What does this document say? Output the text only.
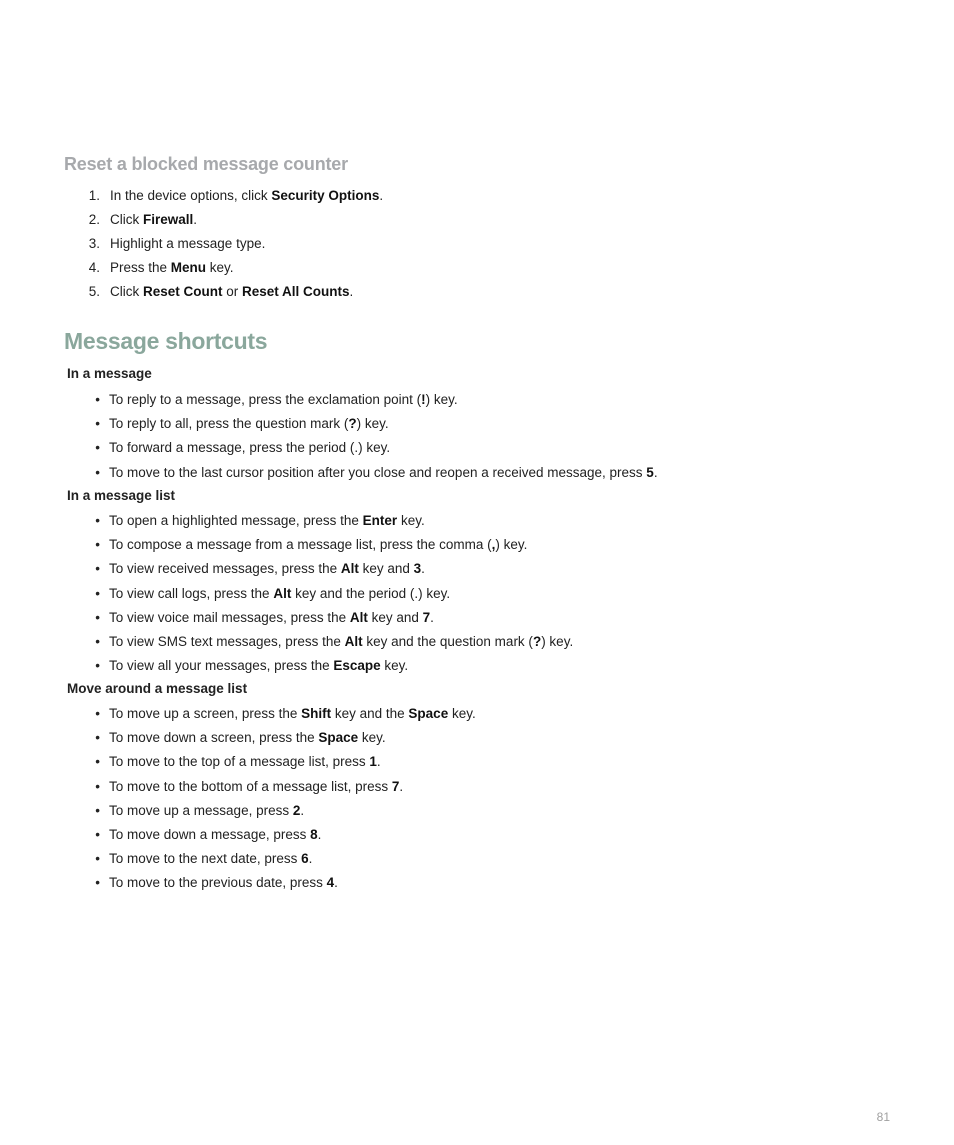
Reset a blocked message counter
1. In the device options, click Security Options.
2. Click Firewall.
3. Highlight a message type.
4. Press the Menu key.
5. Click Reset Count or Reset All Counts.
Message shortcuts
In a message
• To reply to a message, press the exclamation point (!) key.
• To reply to all, press the question mark (?) key.
• To forward a message, press the period (.) key.
• To move to the last cursor position after you close and reopen a received message, press 5.
In a message list
• To open a highlighted message, press the Enter key.
• To compose a message from a message list, press the comma (,) key.
• To view received messages, press the Alt key and 3.
• To view call logs, press the Alt key and the period (.) key.
• To view voice mail messages, press the Alt key and 7.
• To view SMS text messages, press the Alt key and the question mark (?) key.
• To view all your messages, press the Escape key.
Move around a message list
• To move up a screen, press the Shift key and the Space key.
• To move down a screen, press the Space key.
• To move to the top of a message list, press 1.
• To move to the bottom of a message list, press 7.
• To move up a message, press 2.
• To move down a message, press 8.
• To move to the next date, press 6.
• To move to the previous date, press 4.
81
